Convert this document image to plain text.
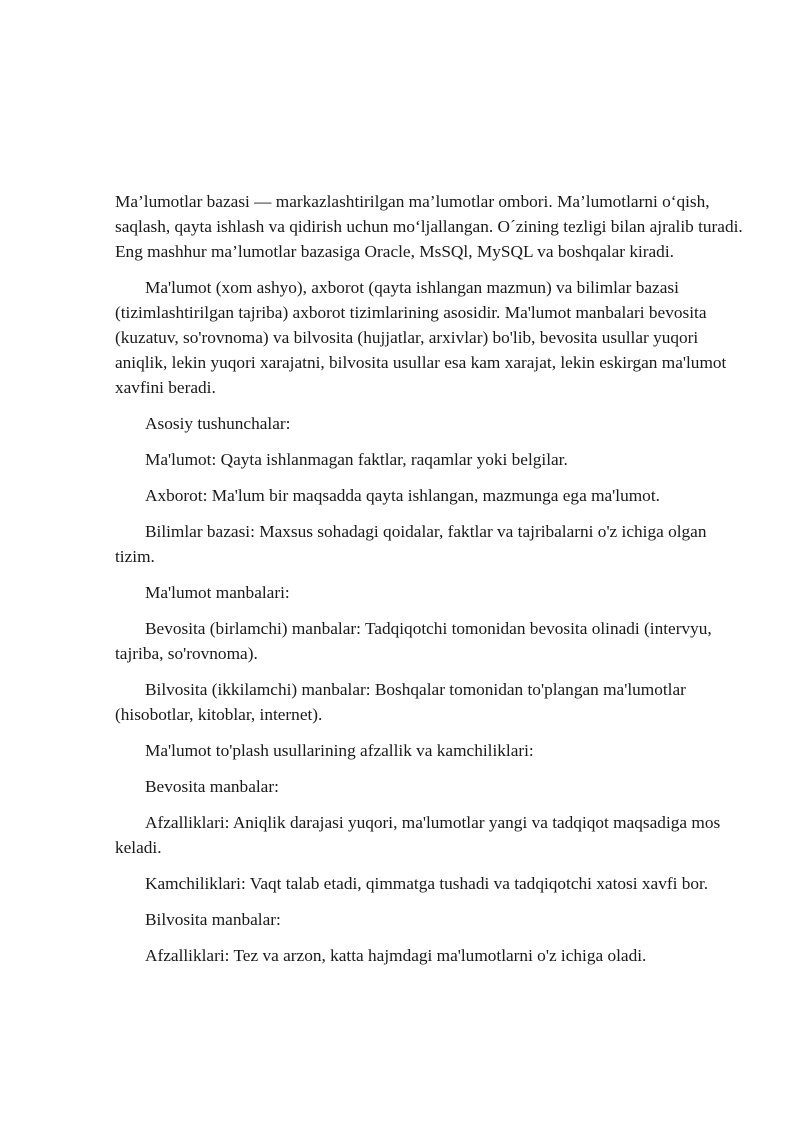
Ma’lumotlar bazasi — markazlashtirilgan ma’lumotlar ombori. Ma’lumotlarni o‘qish, saqlash, qayta ishlash va qidirish uchun mo‘ljallangan. O´zining tezligi bilan ajralib turadi. Eng mashhur ma’lumotlar bazasiga Oracle, MsSQl, MySQL va boshqalar kiradi.

Ma'lumot (xom ashyo), axborot (qayta ishlangan mazmun) va bilimlar bazasi (tizimlashtirilgan tajriba) axborot tizimlarining asosidir. Ma'lumot manbalari bevosita (kuzatuv, so'rovnoma) va bilvosita (hujjatlar, arxivlar) bo'lib, bevosita usullar yuqori aniqlik, lekin yuqori xarajatni, bilvosita usullar esa kam xarajat, lekin eskirgan ma'lumot xavfini beradi.

Asosiy tushunchalar:

Ma'lumot: Qayta ishlanmagan faktlar, raqamlar yoki belgilar.

Axborot: Ma'lum bir maqsadda qayta ishlangan, mazmunga ega ma'lumot.

Bilimlar bazasi: Maxsus sohadagi qoidalar, faktlar va tajribalarni o'z ichiga olgan tizim.

Ma'lumot manbalari:

Bevosita (birlamchi) manbalar: Tadqiqotchi tomonidan bevosita olinadi (intervyu, tajriba, so'rovnoma).

Bilvosita (ikkilamchi) manbalar: Boshqalar tomonidan to'plangan ma'lumotlar (hisobotlar, kitoblar, internet).

Ma'lumot to'plash usullarining afzallik va kamchiliklari:

Bevosita manbalar:

Afzalliklari: Aniqlik darajasi yuqori, ma'lumotlar yangi va tadqiqot maqsadiga mos keladi.

Kamchiliklari: Vaqt talab etadi, qimmatga tushadi va tadqiqotchi xatosi xavfi bor.

Bilvosita manbalar:

Afzalliklari: Tez va arzon, katta hajmdagi ma'lumotlarni o'z ichiga oladi.
